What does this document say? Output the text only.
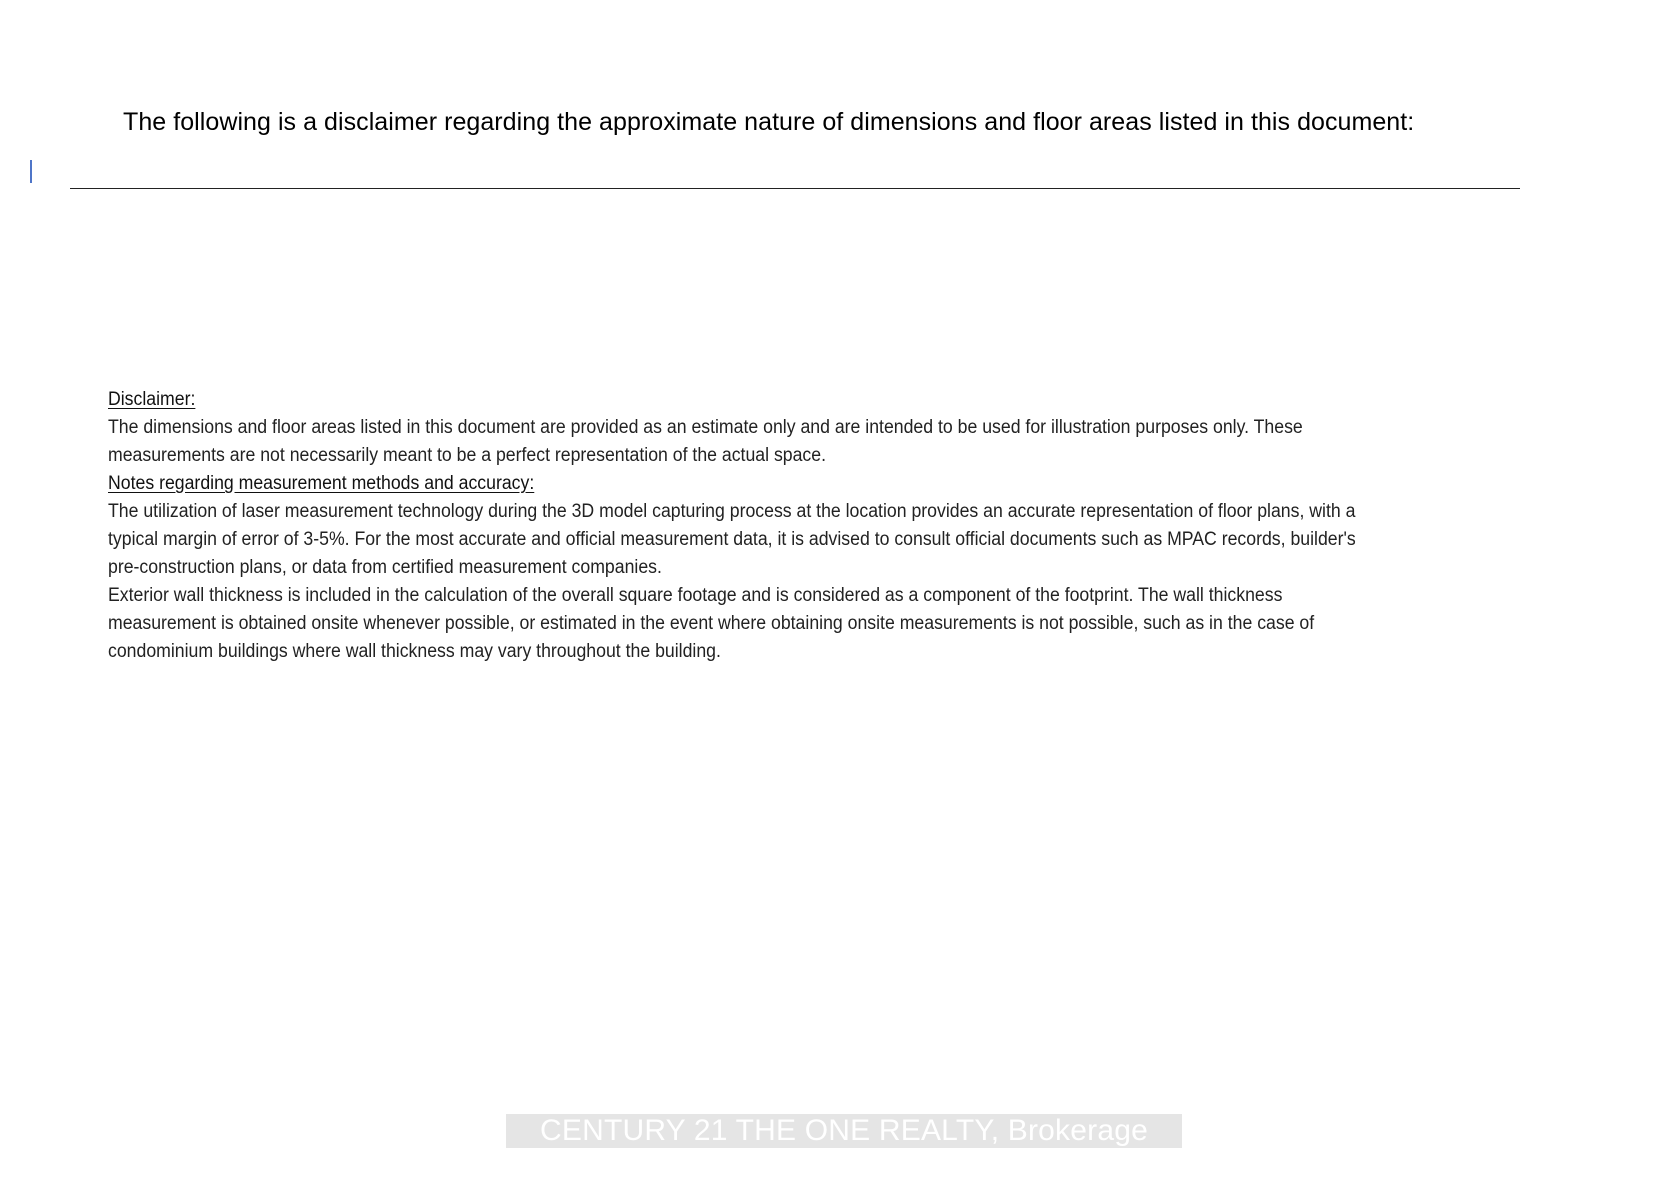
The following is a disclaimer regarding the approximate nature of dimensions and floor areas listed in this document:

Disclaimer:

The dimensions and floor areas listed in this document are provided as an estimate only and are intended to be used for illustration purposes only. These measurements are not necessarily meant to be a perfect representation of the actual space.

Notes regarding measurement methods and accuracy:

The utilization of laser measurement technology during the 3D model capturing process at the location provides an accurate representation of floor plans, with a typical margin of error of 3-5%. For the most accurate and official measurement data, it is advised to consult official documents such as MPAC records, builder's pre-construction plans, or data from certified measurement companies.

Exterior wall thickness is included in the calculation of the overall square footage and is considered as a component of the footprint. The wall thickness measurement is obtained onsite whenever possible, or estimated in the event where obtaining onsite measurements is not possible, such as in the case of condominium buildings where wall thickness may vary throughout the building.

CENTURY 21 THE ONE REALTY, Brokerage
